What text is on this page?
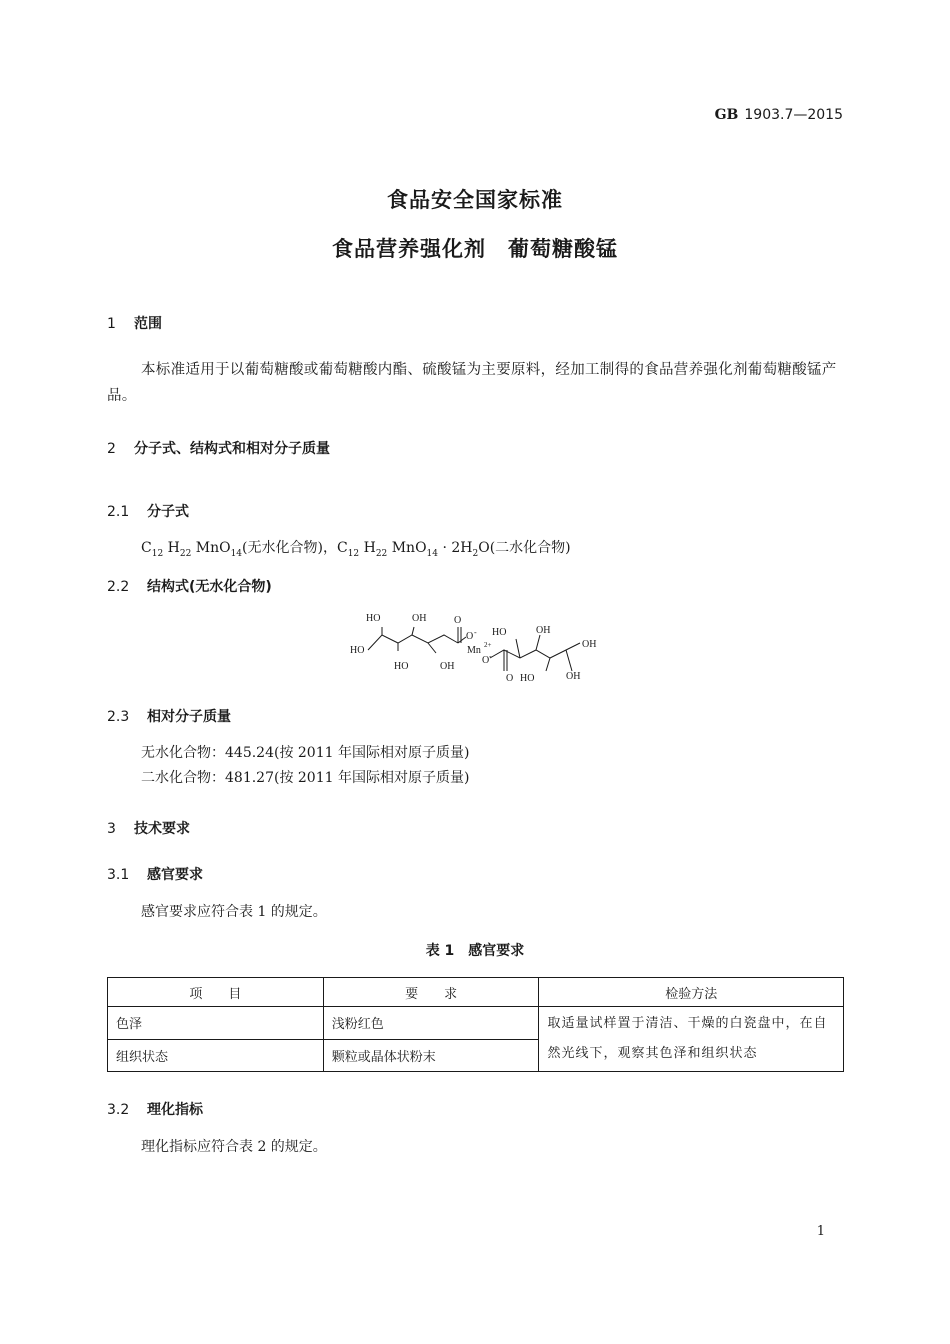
GB 1903.7—2015
食品安全国家标准
食品营养强化剂　葡萄糖酸锰
1 范围
本标准适用于以葡萄糖酸或葡萄糖酸内酯、硫酸锰为主要原料，经加工制得的食品营养强化剂葡萄糖酸锰产品。
2 分子式、结构式和相对分子质量
2.1 分子式
$C_{12}$ $H_{22}$ MnO$_{14}$(无水化合物)，$C_{12}$ $H_{22}$ $MnO_{14} \cdot 2H_2O$(二水化合物)
2.2 结构式(无水化合物)
HO	OH	O
O -
HO
HO	OH
Mn 2+
O -
HO	OH
OH
O HO	OH
2.3 相对分子质量
无水化合物：445.24(按 2011 年国际相对原子质量)
二水化合物：481.27(按 2011 年国际相对原子质量)
3 技术要求
3.1 感官要求
感官要求应符合表 1 的规定。
表 1　感官要求
项　　目	要　　求	检验方法
色泽	浅粉红色	取适量试样置于清洁、干燥的白瓷盘中，在自然光线下，观察其色泽和组织状态
组织状态	颗粒或晶体状粉末	
3.2 理化指标
理化指标应符合表 2 的规定。
1
